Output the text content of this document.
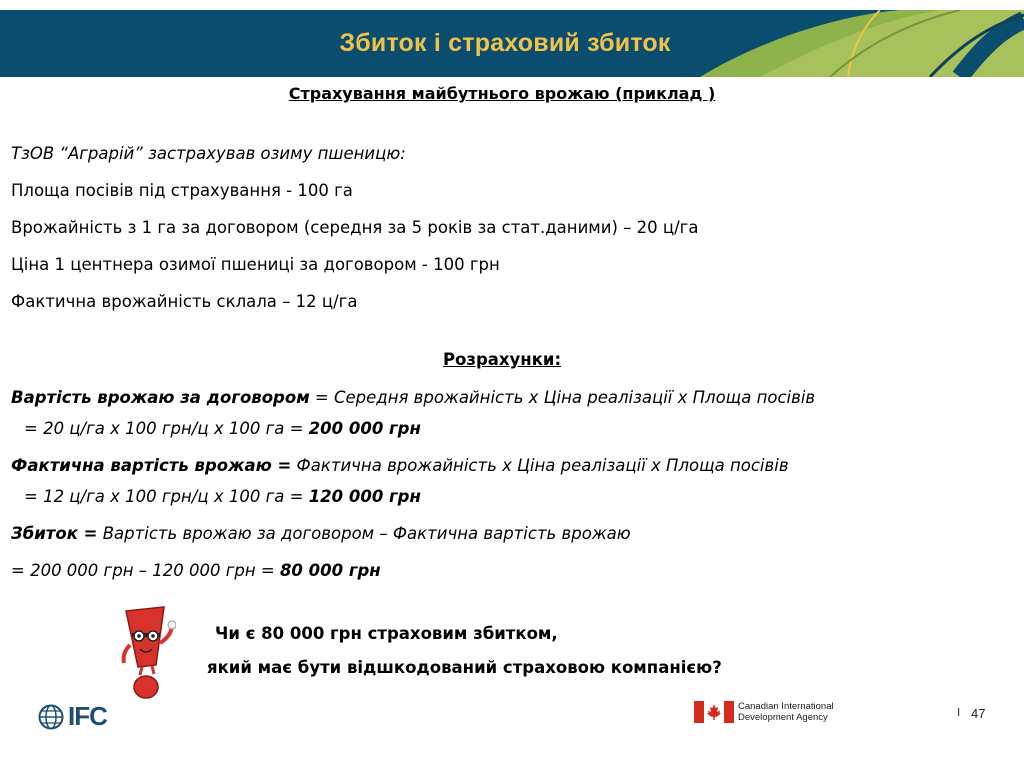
Збиток і страховий збиток
Страхування майбутнього врожаю (приклад )
ТзОВ “Аграрій” застрахував озиму пшеницю:
Площа посівів під страхування - 100 га
Врожайність з 1 га за договором (середня за 5 років за стат.даними) – 20 ц/га
Ціна 1 центнера озимої пшениці за договором - 100 грн
Фактична врожайність склала – 12 ц/га
Розрахунки:
Вартість врожаю за договором = Середня врожайність х Ціна реалізації х Площа посівів
= 20 ц/га х 100 грн/ц х 100 га = 200 000 грн
Фактична вартість врожаю = Фактична врожайність х Ціна реалізації х Площа посівів
= 12 ц/га х 100 грн/ц х 100 га = 120 000 грн
Збиток = Вартість врожаю за договором – Фактична вартість врожаю
= 200 000 грн – 120 000 грн = 80 000 грн
Чи є 80 000 грн страховим збитком,
який має бути відшкодований страховою компанією?
IFC	Canadian International
Development Agency	I 47
